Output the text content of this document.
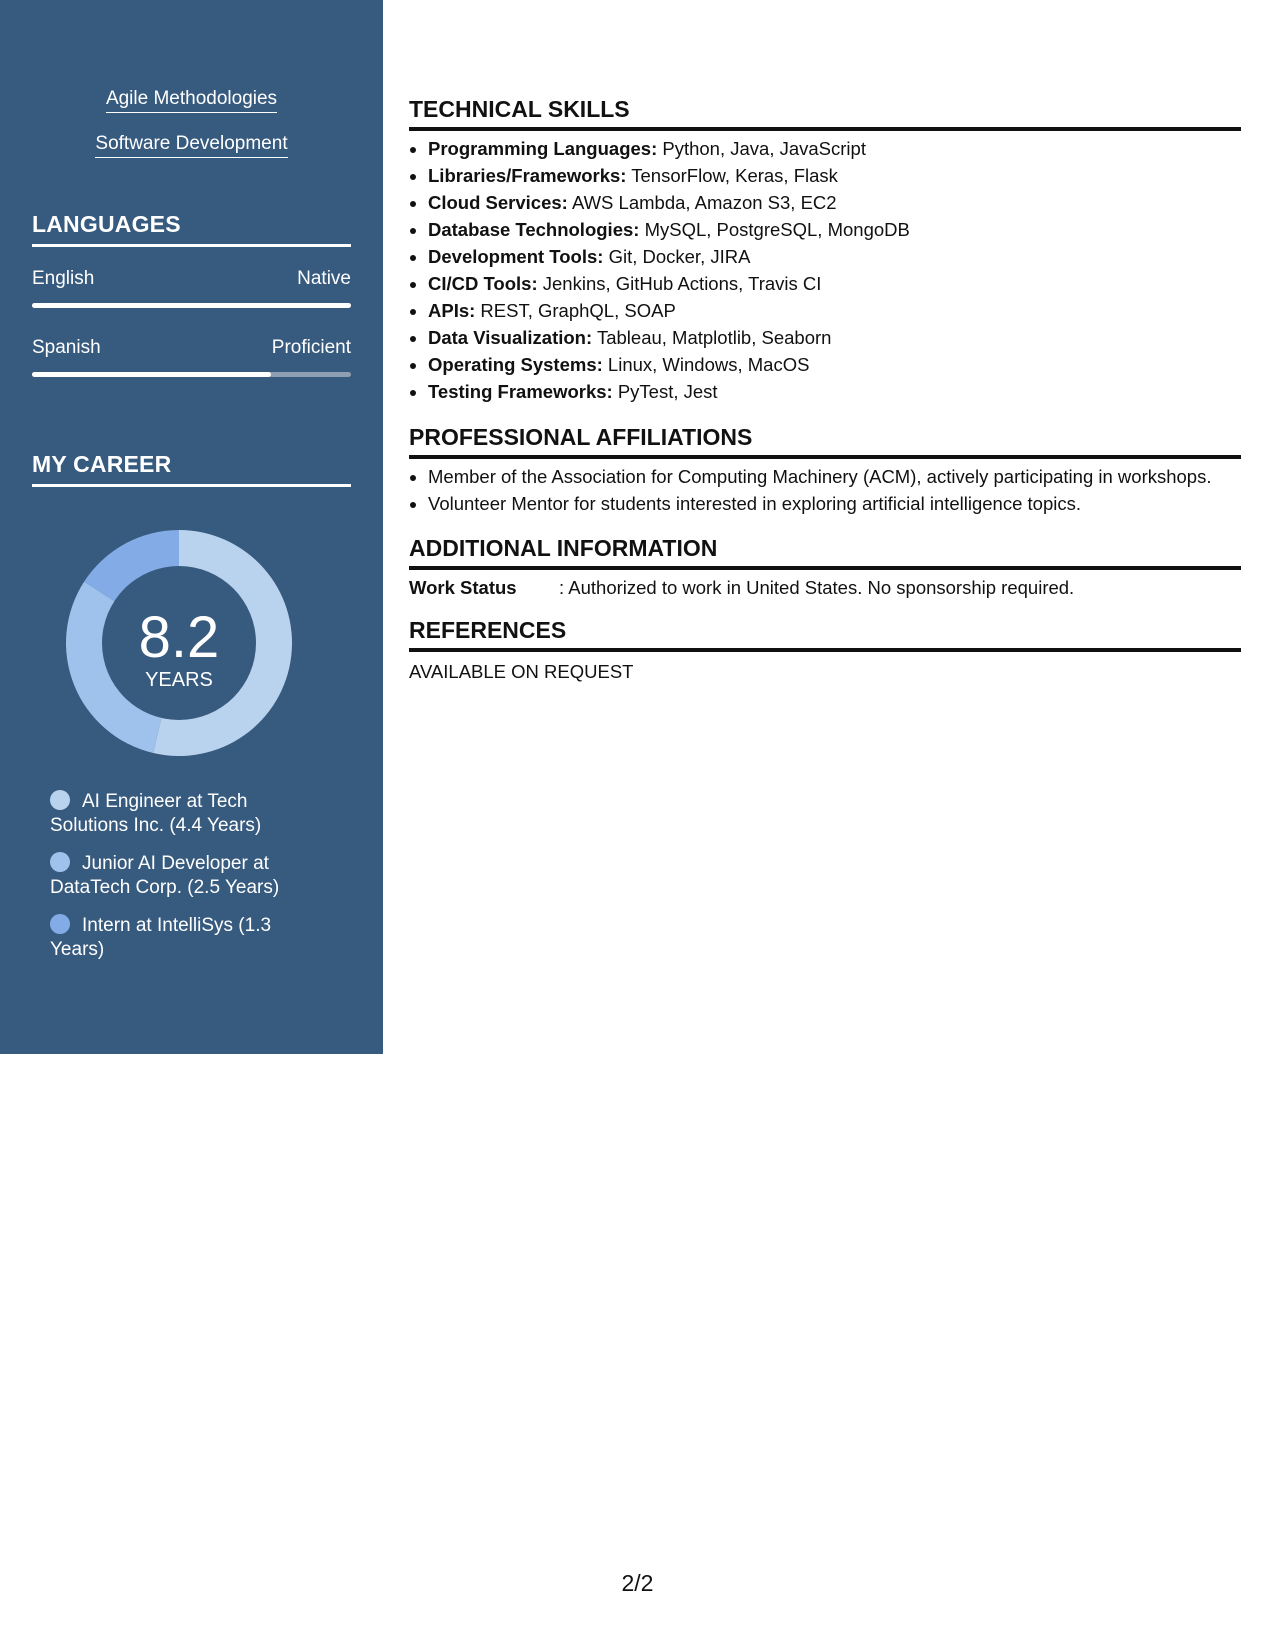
Agile Methodologies
Software Development
LANGUAGES
English	Native
Spanish	Proficient
MY CAREER
8.2
YEARS
AI Engineer at Tech Solutions Inc. (4.4 Years)
Junior AI Developer at DataTech Corp. (2.5 Years)
Intern at IntelliSys (1.3 Years)
TECHNICAL SKILLS
• Programming Languages: Python, Java, JavaScript
• Libraries/Frameworks: TensorFlow, Keras, Flask
• Cloud Services: AWS Lambda, Amazon S3, EC2
• Database Technologies: MySQL, PostgreSQL, MongoDB
• Development Tools: Git, Docker, JIRA
• CI/CD Tools: Jenkins, GitHub Actions, Travis CI
• APIs: REST, GraphQL, SOAP
• Data Visualization: Tableau, Matplotlib, Seaborn
• Operating Systems: Linux, Windows, MacOS
• Testing Frameworks: PyTest, Jest
PROFESSIONAL AFFILIATIONS
• Member of the Association for Computing Machinery (ACM), actively participating in workshops.
• Volunteer Mentor for students interested in exploring artificial intelligence topics.
ADDITIONAL INFORMATION
Work Status : Authorized to work in United States. No sponsorship required.
REFERENCES
AVAILABLE ON REQUEST
2/2
